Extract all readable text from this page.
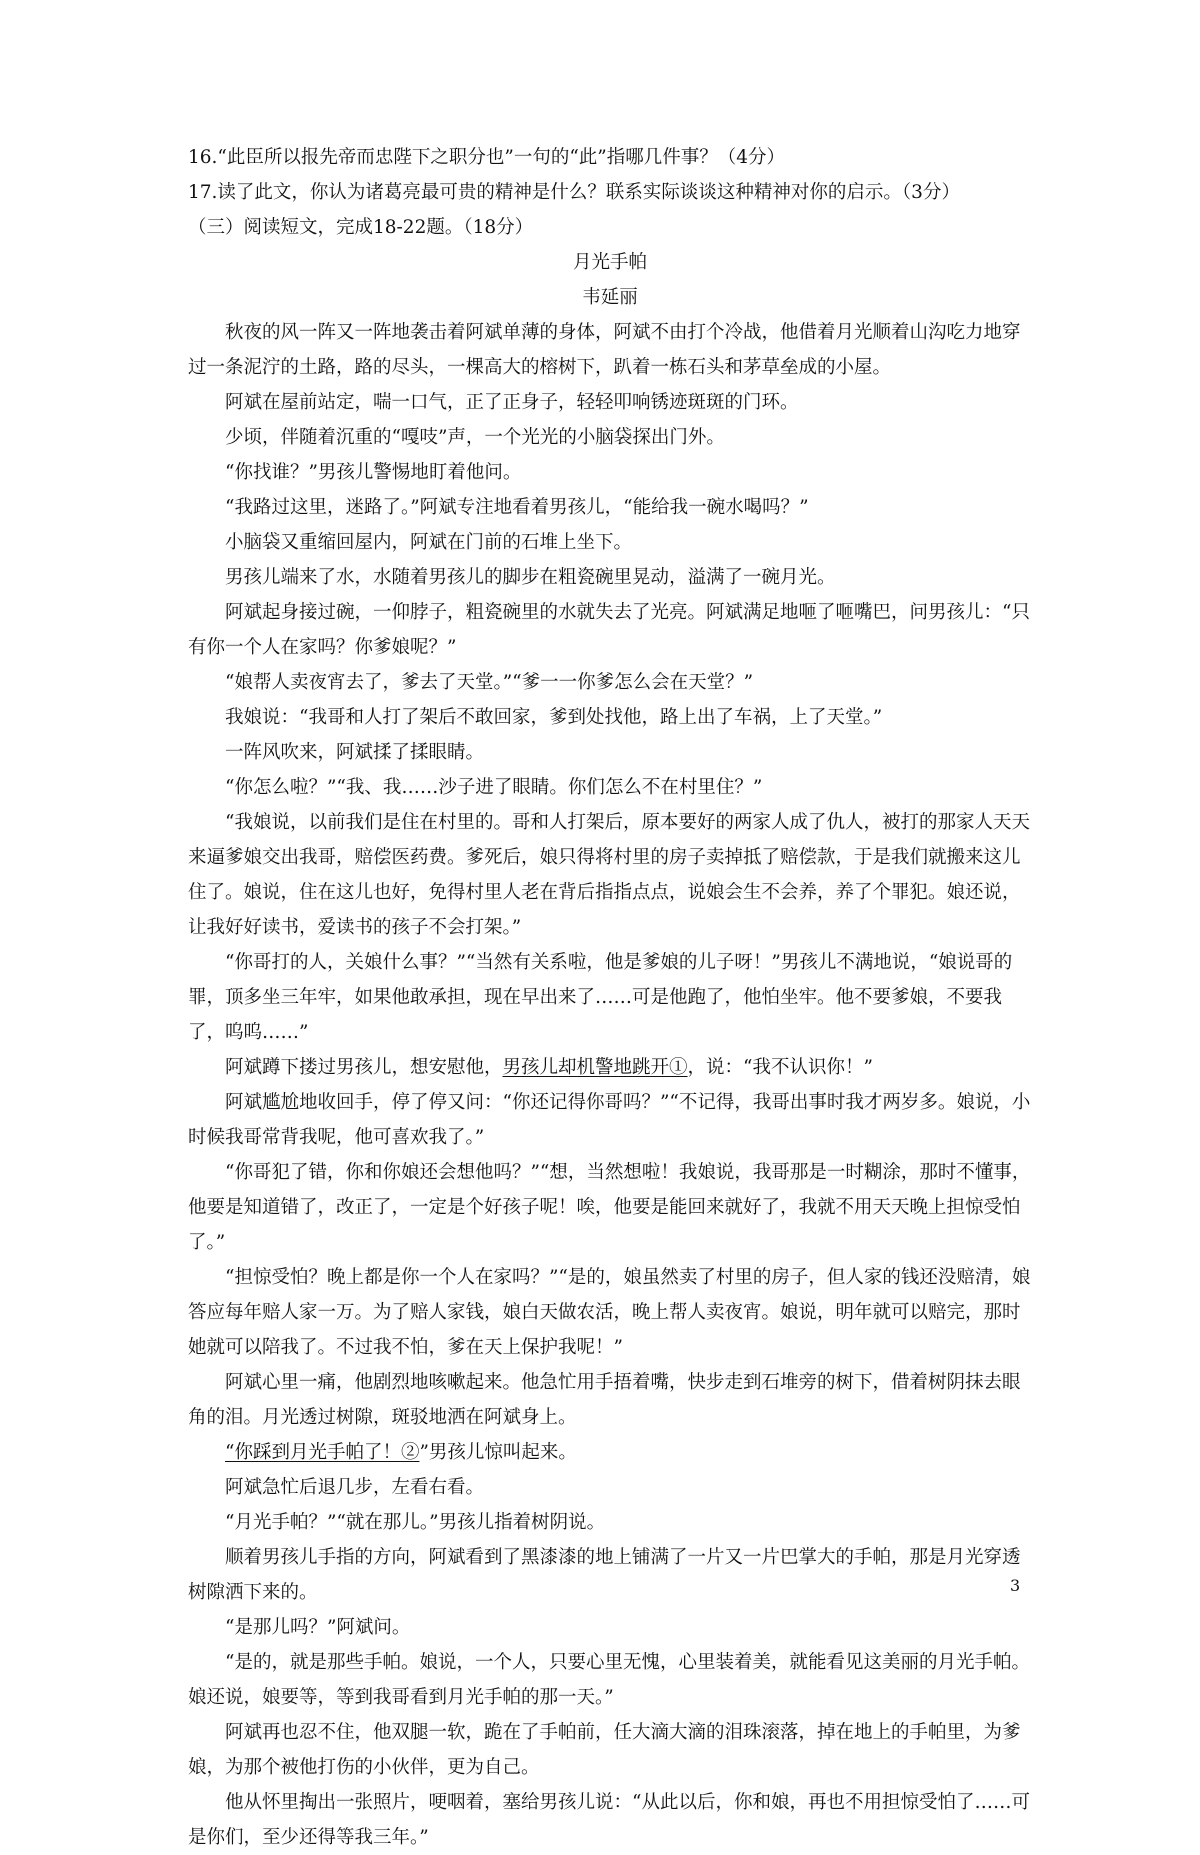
16.“此臣所以报先帝而忠陛下之职分也”一句的“此”指哪几件事？（4分）

17.读了此文，你认为诸葛亮最可贵的精神是什么？联系实际谈谈这种精神对你的启示。（3分）

（三）阅读短文，完成18-22题。（18分）

月光手帕

韦延丽

秋夜的风一阵又一阵地袭击着阿斌单薄的身体，阿斌不由打个冷战，他借着月光顺着山沟吃力地穿过一条泥泞的土路，路的尽头，一棵高大的榕树下，趴着一栋石头和茅草垒成的小屋。

阿斌在屋前站定，喘一口气，正了正身子，轻轻叩响锈迹斑斑的门环。

少顷，伴随着沉重的“嘎吱”声，一个光光的小脑袋探出门外。

“你找谁？”男孩儿警惕地盯着他问。

“我路过这里，迷路了。”阿斌专注地看着男孩儿，“能给我一碗水喝吗？”

小脑袋又重缩回屋内，阿斌在门前的石堆上坐下。

男孩儿端来了水，水随着男孩儿的脚步在粗瓷碗里晃动，溢满了一碗月光。

阿斌起身接过碗，一仰脖子，粗瓷碗里的水就失去了光亮。阿斌满足地咂了咂嘴巴，问男孩儿：“只有你一个人在家吗？你爹娘呢？”

“娘帮人卖夜宵去了，爹去了天堂。”“爹一一你爹怎么会在天堂？”

我娘说：“我哥和人打了架后不敢回家，爹到处找他，路上出了车祸，上了天堂。”

一阵风吹来，阿斌揉了揉眼睛。

“你怎么啦？”“我、我……沙子进了眼睛。你们怎么不在村里住？”

“我娘说，以前我们是住在村里的。哥和人打架后，原本要好的两家人成了仇人，被打的那家人天天来逼爹娘交出我哥，赔偿医药费。爹死后，娘只得将村里的房子卖掉抵了赔偿款，于是我们就搬来这儿住了。娘说，住在这儿也好，免得村里人老在背后指指点点，说娘会生不会养，养了个罪犯。娘还说，让我好好读书，爱读书的孩子不会打架。”

“你哥打的人，关娘什么事？”“当然有关系啦，他是爹娘的儿子呀！”男孩儿不满地说，“娘说哥的罪，顶多坐三年牢，如果他敢承担，现在早出来了……可是他跑了，他怕坐牢。他不要爹娘，不要我了，呜呜……”

阿斌蹲下搂过男孩儿，想安慰他，男孩儿却机警地跳开①，说：“我不认识你！”

阿斌尴尬地收回手，停了停又问：“你还记得你哥吗？”“不记得，我哥出事时我才两岁多。娘说，小时候我哥常背我呢，他可喜欢我了。”

“你哥犯了错，你和你娘还会想他吗？”“想，当然想啦！我娘说，我哥那是一时糊涂，那时不懂事，他要是知道错了，改正了，一定是个好孩子呢！唉，他要是能回来就好了，我就不用天天晚上担惊受怕了。”

“担惊受怕？晚上都是你一个人在家吗？”“是的，娘虽然卖了村里的房子，但人家的钱还没赔清，娘答应每年赔人家一万。为了赔人家钱，娘白天做农活，晚上帮人卖夜宵。娘说，明年就可以赔完，那时她就可以陪我了。不过我不怕，爹在天上保护我呢！”

阿斌心里一痛，他剧烈地咳嗽起来。他急忙用手捂着嘴，快步走到石堆旁的树下，借着树阴抹去眼角的泪。月光透过树隙，斑驳地洒在阿斌身上。

“你踩到月光手帕了！②”男孩儿惊叫起来。

阿斌急忙后退几步，左看右看。

“月光手帕？”“就在那儿。”男孩儿指着树阴说。

顺着男孩儿手指的方向，阿斌看到了黑漆漆的地上铺满了一片又一片巴掌大的手帕，那是月光穿透树隙洒下来的。

“是那儿吗？”阿斌问。

“是的，就是那些手帕。娘说，一个人，只要心里无愧，心里装着美，就能看见这美丽的月光手帕。娘还说，娘要等，等到我哥看到月光手帕的那一天。”

阿斌再也忍不住，他双腿一软，跪在了手帕前，任大滴大滴的泪珠滚落，掉在地上的手帕里，为爹娘，为那个被他打伤的小伙伴，更为自己。

他从怀里掏出一张照片，哽咽着，塞给男孩儿说：“从此以后，你和娘，再也不用担惊受怕了……可是你们，至少还得等我三年。”

3
